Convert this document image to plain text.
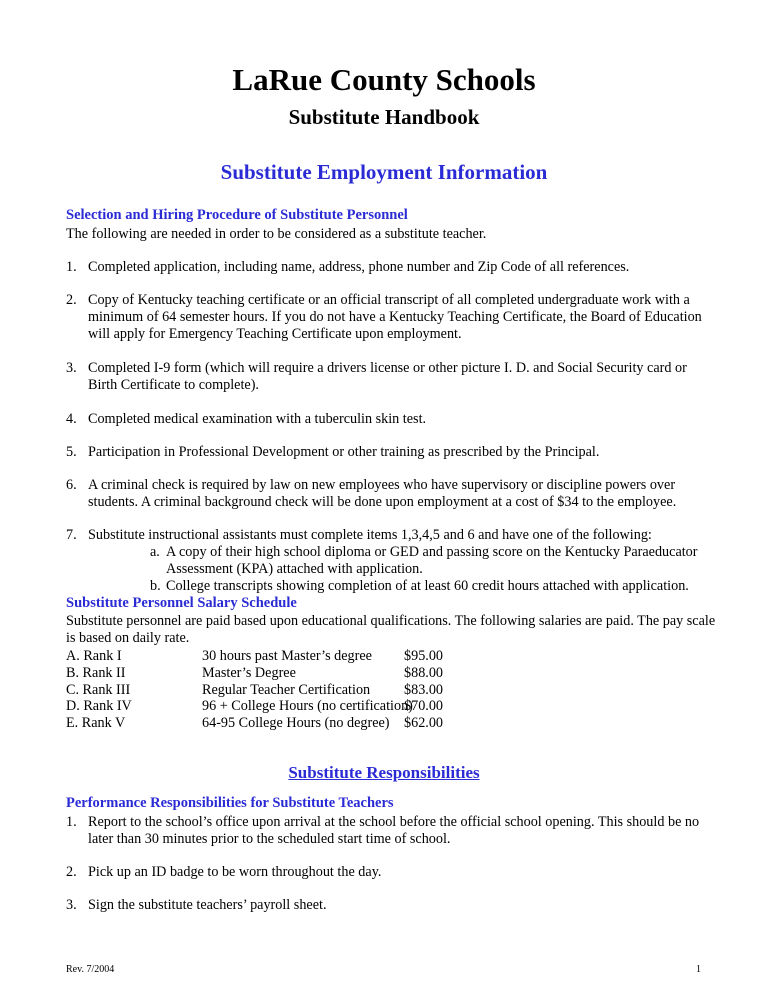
LaRue County Schools
Substitute Handbook
Substitute Employment Information
Selection and Hiring Procedure of Substitute Personnel
The following are needed in order to be considered as a substitute teacher.
1. Completed application, including name, address, phone number and Zip Code of all references.
2. Copy of Kentucky teaching certificate or an official transcript of all completed undergraduate work with a minimum of 64 semester hours. If you do not have a Kentucky Teaching Certificate, the Board of Education will apply for Emergency Teaching Certificate upon employment.
3. Completed I-9 form (which will require a drivers license or other picture I. D. and Social Security card or Birth Certificate to complete).
4. Completed medical examination with a tuberculin skin test.
5. Participation in Professional Development or other training as prescribed by the Principal.
6. A criminal check is required by law on new employees who have supervisory or discipline powers over students. A criminal background check will be done upon employment at a cost of $34 to the employee.
7. Substitute instructional assistants must complete items 1,3,4,5 and 6 and have one of the following:
a. A copy of their high school diploma or GED and passing score on the Kentucky Paraeducator Assessment (KPA) attached with application.
b. College transcripts showing completion of at least 60 credit hours attached with application.
Substitute Personnel Salary Schedule
Substitute personnel are paid based upon educational qualifications. The following salaries are paid. The pay scale is based on daily rate.
A. Rank I
B. Rank II
C. Rank III
D. Rank IV
E. Rank V
30 hours past Master’s degree
Master’s Degree
Regular Teacher Certification
96 + College Hours (no certification)
64-95 College Hours (no degree)
$95.00
$88.00
$83.00
$70.00
$62.00
Substitute Responsibilities
Performance Responsibilities for Substitute Teachers
1. Report to the school’s office upon arrival at the school before the official school opening. This should be no later than 30 minutes prior to the scheduled start time of school.
2. Pick up an ID badge to be worn throughout the day.
3. Sign the substitute teachers’ payroll sheet.
Rev. 7/2004	1
